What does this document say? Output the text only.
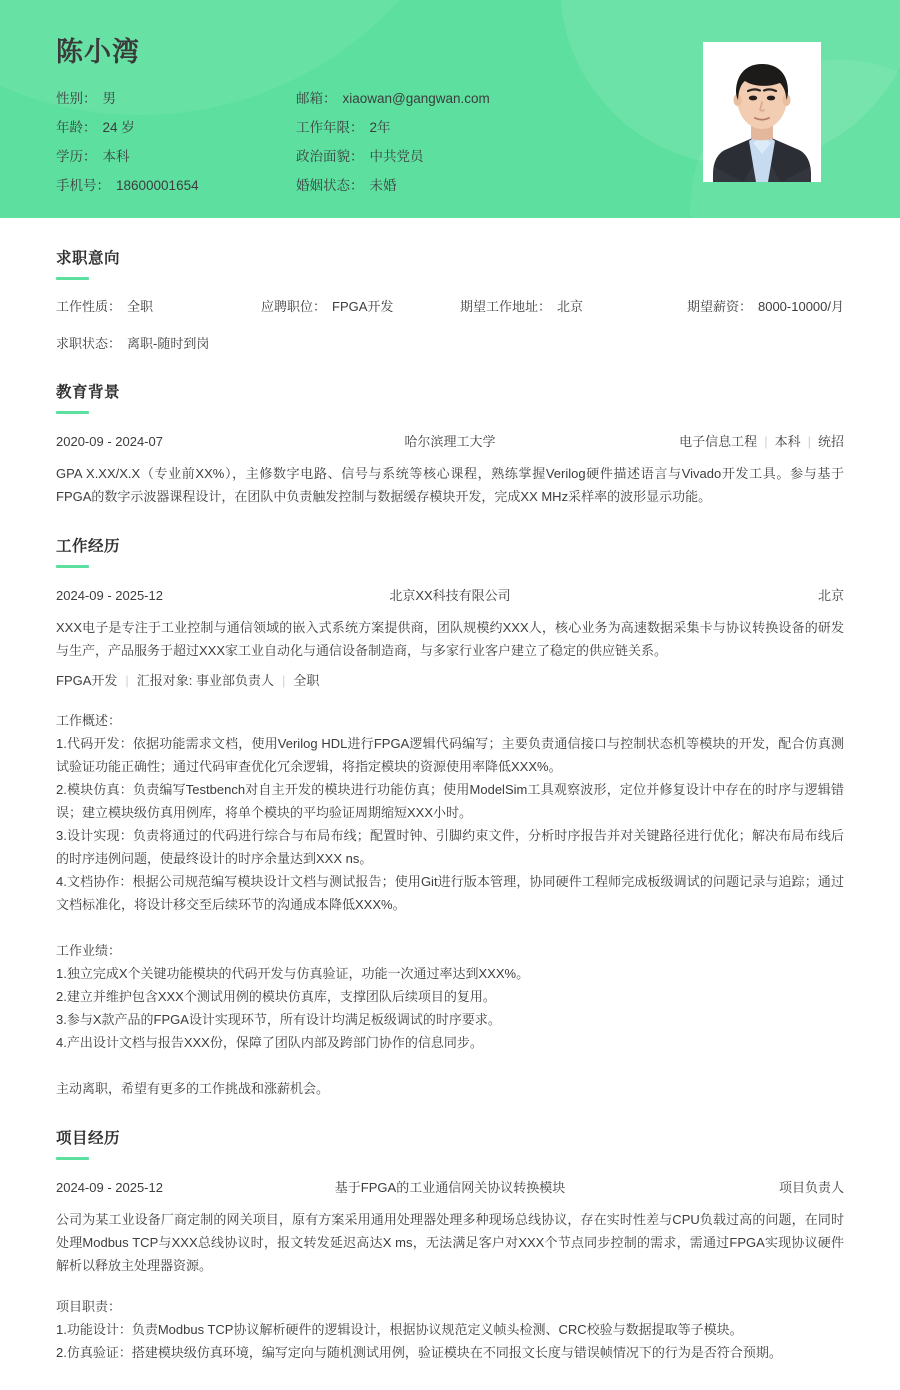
陈小湾
性别： 男	邮箱： xiaowan@gangwan.com
年龄： 24 岁	工作年限： 2年
学历： 本科	政治面貌： 中共党员
手机号： 18600001654	婚姻状态： 未婚
求职意向
工作性质： 全职	应聘职位： FPGA开发	期望工作地址： 北京	期望薪资： 8000-10000/月
求职状态： 离职-随时到岗
教育背景
2020-09 - 2024-07	哈尔滨理工大学	电子信息工程 | 本科 | 统招
GPA X.XX/X.X（专业前XX%），主修数字电路、信号与系统等核心课程，熟练掌握Verilog硬件描述语言与Vivado开发工具。参与基于FPGA的数字示波器课程设计，在团队中负责触发控制与数据缓存模块开发，完成XX MHz采样率的波形显示功能。
工作经历
2024-09 - 2025-12	北京XX科技有限公司	北京
XXX电子是专注于工业控制与通信领域的嵌入式系统方案提供商，团队规模约XXX人，核心业务为高速数据采集卡与协议转换设备的研发与生产，产品服务于超过XXX家工业自动化与通信设备制造商，与多家行业客户建立了稳定的供应链关系。
FPGA开发 | 汇报对象: 事业部负责人 | 全职
工作概述：
1.代码开发：依据功能需求文档，使用Verilog HDL进行FPGA逻辑代码编写；主要负责通信接口与控制状态机等模块的开发，配合仿真测试验证功能正确性；通过代码审查优化冗余逻辑，将指定模块的资源使用率降低XXX%。
2.模块仿真：负责编写Testbench对自主开发的模块进行功能仿真；使用ModelSim工具观察波形，定位并修复设计中存在的时序与逻辑错误；建立模块级仿真用例库，将单个模块的平均验证周期缩短XXX小时。
3.设计实现：负责将通过的代码进行综合与布局布线；配置时钟、引脚约束文件，分析时序报告并对关键路径进行优化；解决布局布线后的时序违例问题，使最终设计的时序余量达到XXX ns。
4.文档协作：根据公司规范编写模块设计文档与测试报告；使用Git进行版本管理，协同硬件工程师完成板级调试的问题记录与追踪；通过文档标准化，将设计移交至后续环节的沟通成本降低XXX%。
工作业绩：
1.独立完成X个关键功能模块的代码开发与仿真验证，功能一次通过率达到XXX%。
2.建立并维护包含XXX个测试用例的模块仿真库，支撑团队后续项目的复用。
3.参与X款产品的FPGA设计实现环节，所有设计均满足板级调试的时序要求。
4.产出设计文档与报告XXX份，保障了团队内部及跨部门协作的信息同步。
主动离职，希望有更多的工作挑战和涨薪机会。
项目经历
2024-09 - 2025-12	基于FPGA的工业通信网关协议转换模块	项目负责人
公司为某工业设备厂商定制的网关项目，原有方案采用通用处理器处理多种现场总线协议，存在实时性差与CPU负载过高的问题，在同时处理Modbus TCP与XXX总线协议时，报文转发延迟高达X ms，无法满足客户对XXX个节点同步控制的需求，需通过FPGA实现协议硬件解析以释放主处理器资源。
项目职责：
1.功能设计：负责Modbus TCP协议解析硬件的逻辑设计，根据协议规范定义帧头检测、CRC校验与数据提取等子模块。
2.仿真验证：搭建模块级仿真环境，编写定向与随机测试用例，验证模块在不同报文长度与错误帧情况下的行为是否符合预期。
